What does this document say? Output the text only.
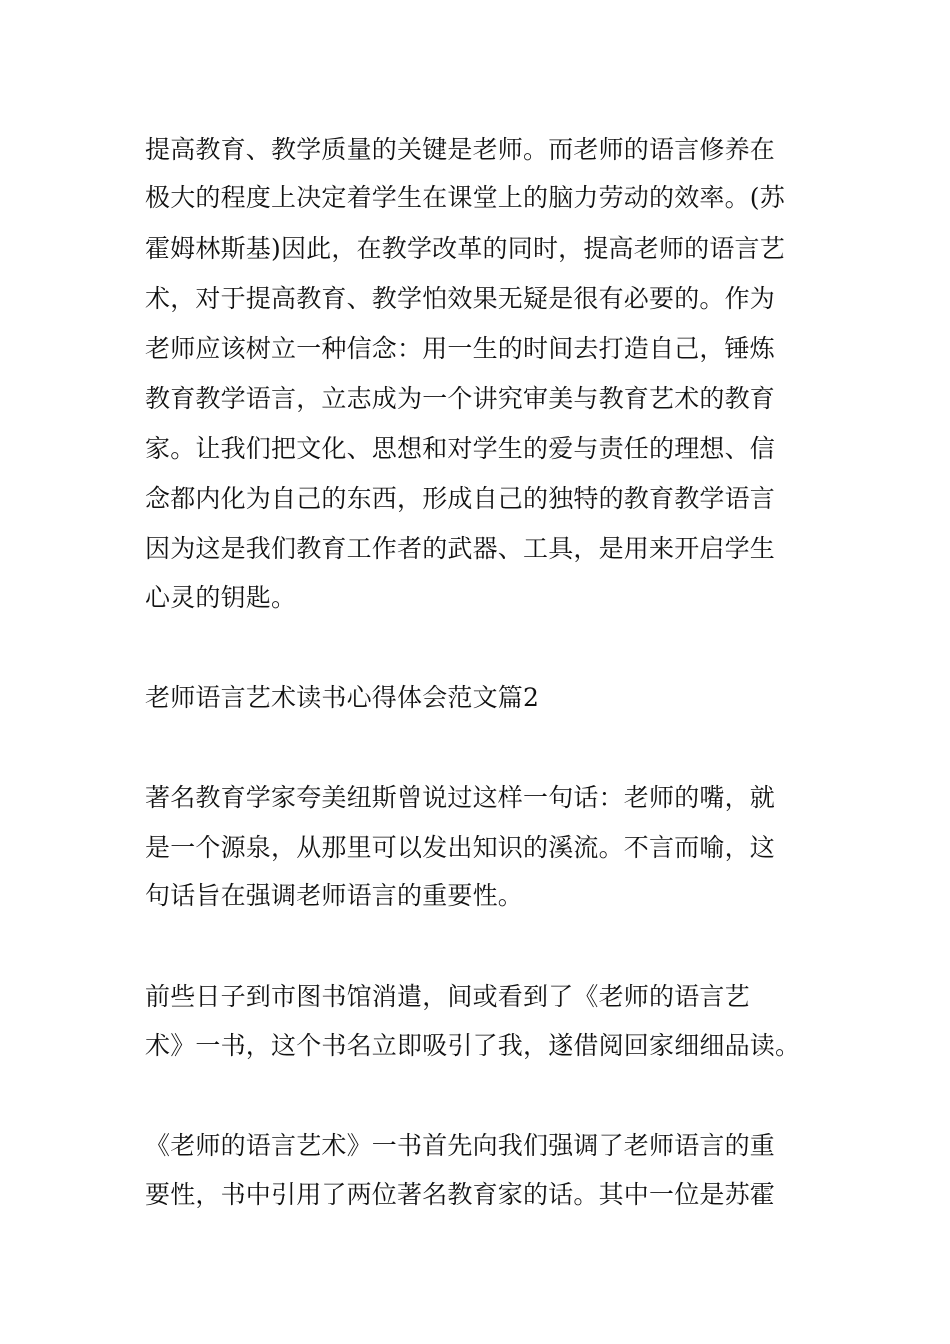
提高教育、教学质量的关键是老师。而老师的语言修养在
极大的程度上决定着学生在课堂上的脑力劳动的效率。(苏
霍姆林斯基)因此，在教学改革的同时，提高老师的语言艺
术，对于提高教育、教学怕效果无疑是很有必要的。作为
老师应该树立一种信念：用一生的时间去打造自己，锤炼
教育教学语言，立志成为一个讲究审美与教育艺术的教育
家。让我们把文化、思想和对学生的爱与责任的理想、信
念都内化为自己的东西，形成自己的独特的教育教学语言
因为这是我们教育工作者的武器、工具，是用来开启学生
心灵的钥匙。
老师语言艺术读书心得体会范文篇2
著名教育学家夸美纽斯曾说过这样一句话：老师的嘴，就
是一个源泉，从那里可以发出知识的溪流。不言而喻，这
句话旨在强调老师语言的重要性。
前些日子到市图书馆消遣，间或看到了《老师的语言艺
术》一书，这个书名立即吸引了我，遂借阅回家细细品读。
《老师的语言艺术》一书首先向我们强调了老师语言的重
要性，书中引用了两位著名教育家的话。其中一位是苏霍
